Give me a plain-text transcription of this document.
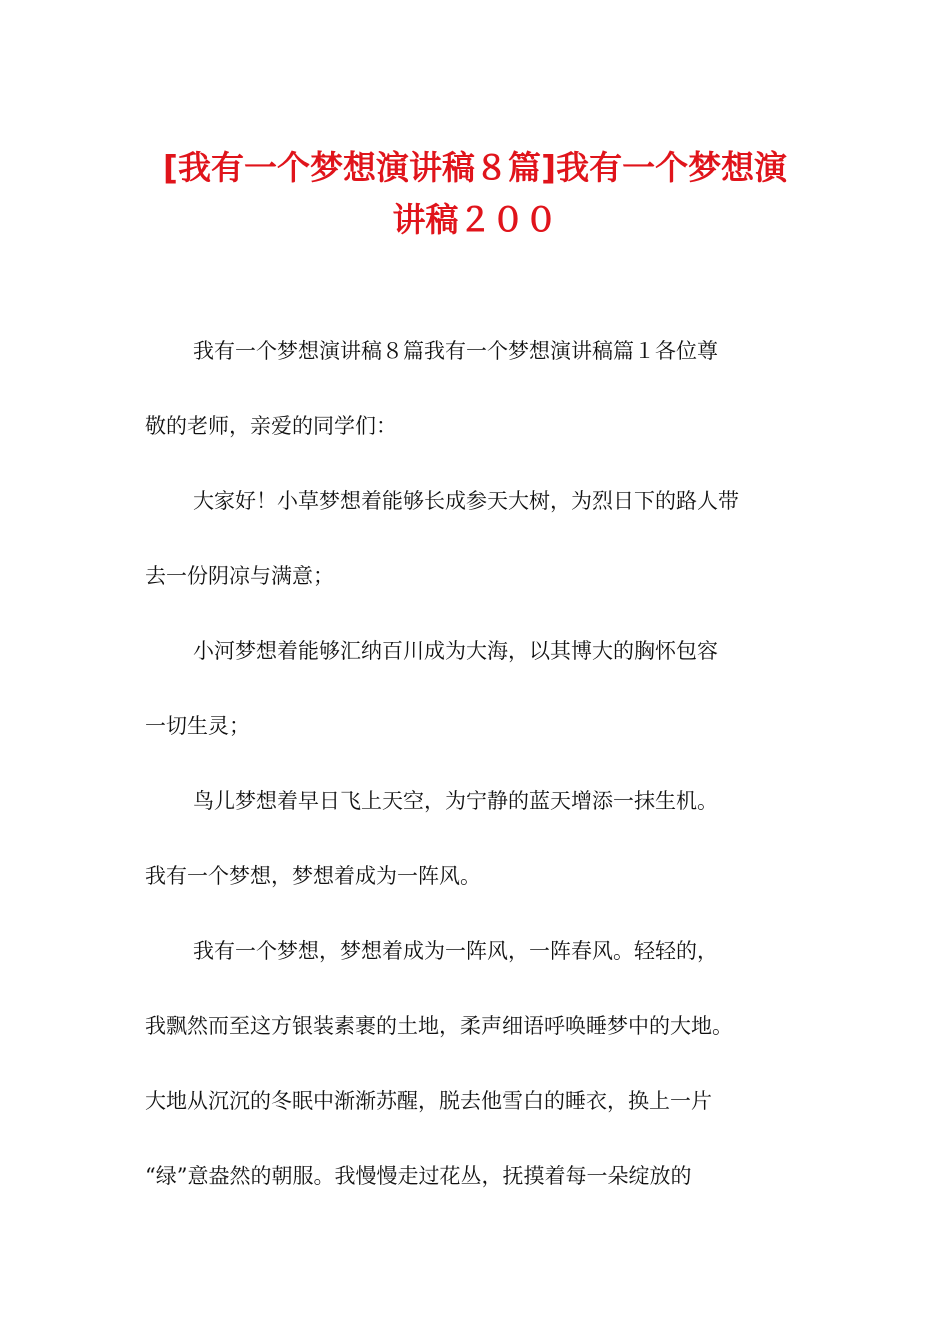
[我有一个梦想演讲稿８篇]我有一个梦想演
讲稿２００

我有一个梦想演讲稿８篇我有一个梦想演讲稿篇１各位尊

敬的老师，亲爱的同学们：

大家好！小草梦想着能够长成参天大树，为烈日下的路人带

去一份阴凉与满意；

小河梦想着能够汇纳百川成为大海，以其博大的胸怀包容

一切生灵；

鸟儿梦想着早日飞上天空，为宁静的蓝天增添一抹生机。

我有一个梦想，梦想着成为一阵风。

我有一个梦想，梦想着成为一阵风，一阵春风。轻轻的，

我飘然而至这方银装素裹的土地，柔声细语呼唤睡梦中的大地。

大地从沉沉的冬眠中渐渐苏醒，脱去他雪白的睡衣，换上一片

“绿”意盎然的朝服。我慢慢走过花丛，抚摸着每一朵绽放的
